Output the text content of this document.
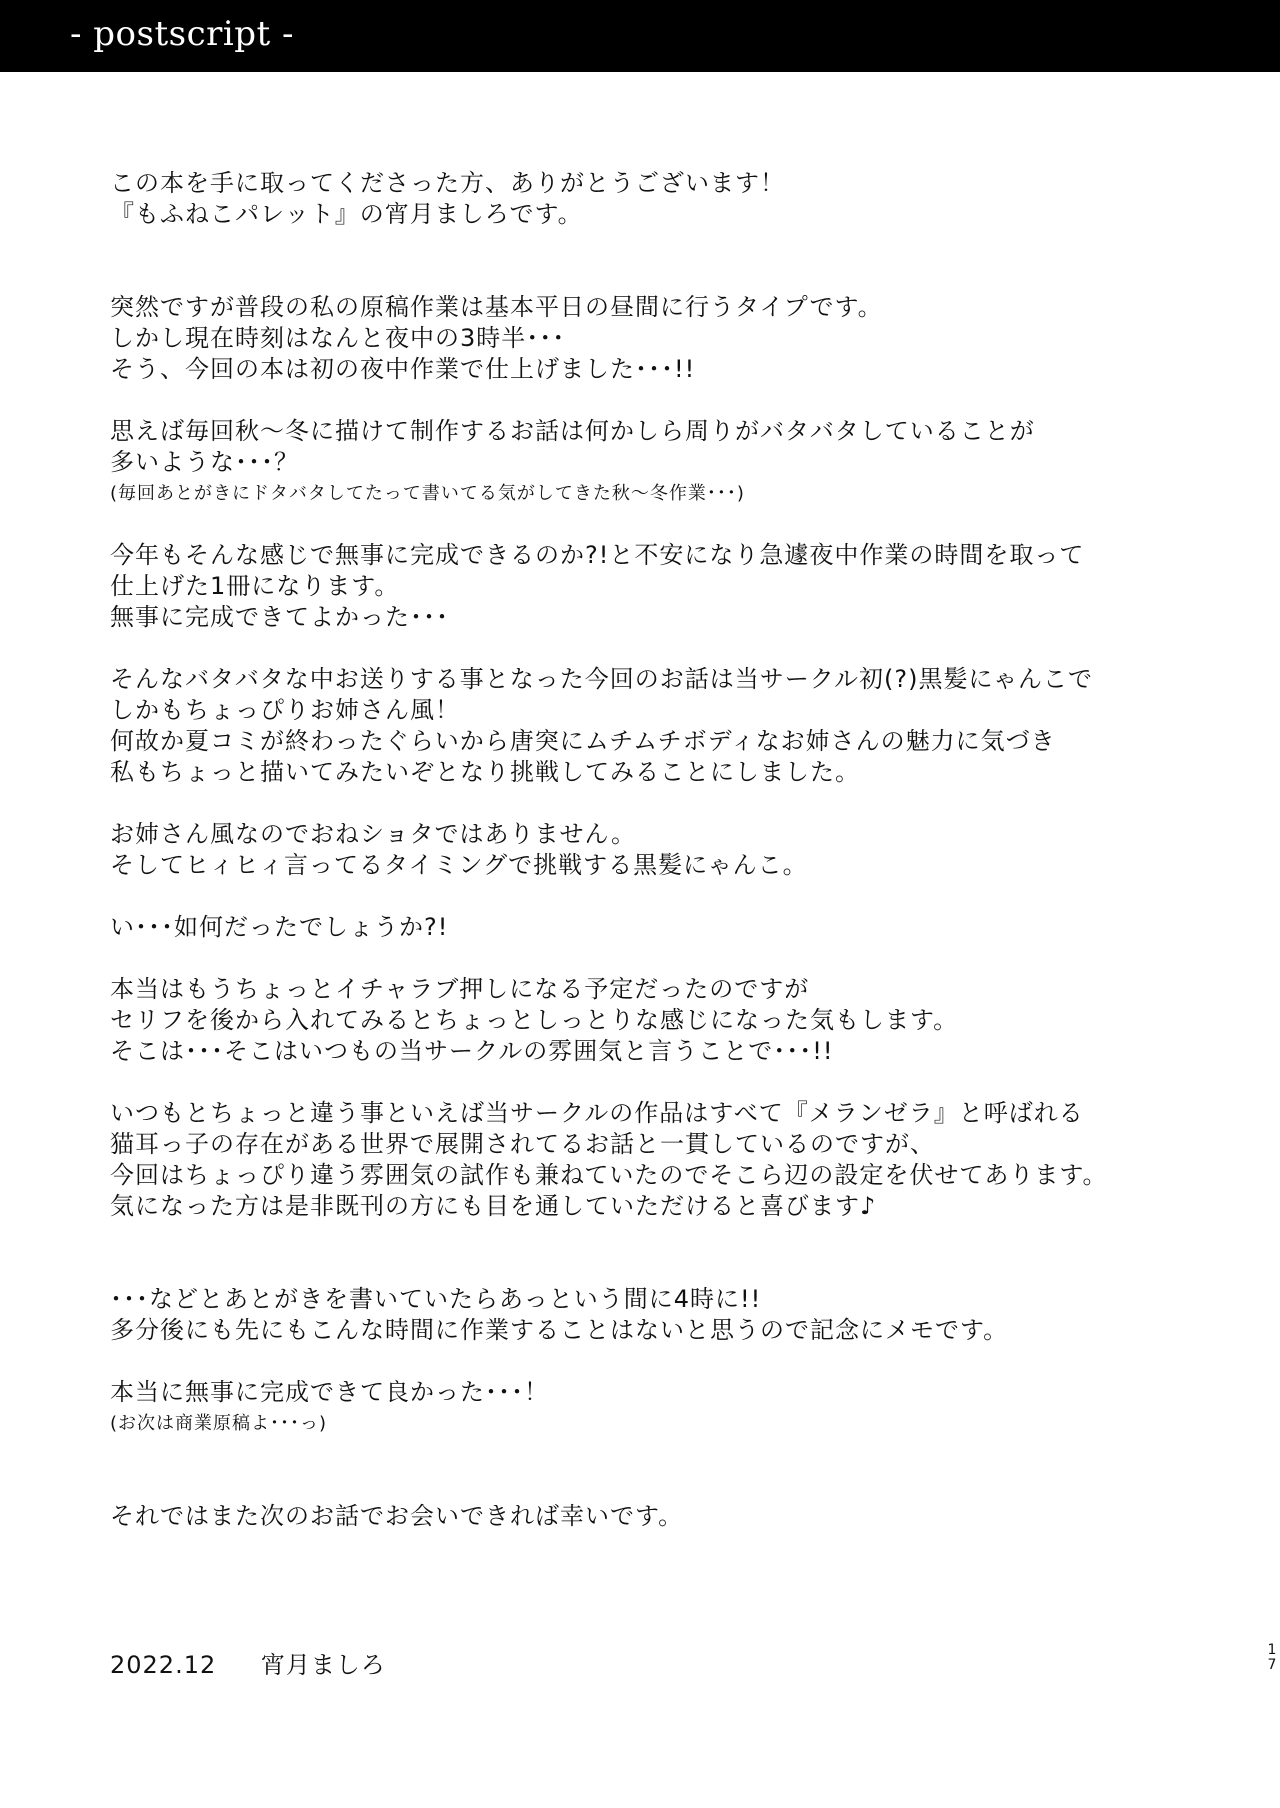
- postscript -
この本を手に取ってくださった方、ありがとうございます！
『もふねこパレット』の宵月ましろです。
突然ですが普段の私の原稿作業は基本平日の昼間に行うタイプです。
しかし現在時刻はなんと夜中の3時半･･･
そう、今回の本は初の夜中作業で仕上げました･･･!!
思えば毎回秋～冬に描けて制作するお話は何かしら周りがバタバタしていることが
多いような･･･？
(毎回あとがきにドタバタしてたって書いてる気がしてきた秋～冬作業･･･)
今年もそんな感じで無事に完成できるのか?!と不安になり急遽夜中作業の時間を取って
仕上げた1冊になります。
無事に完成できてよかった･･･
そんなバタバタな中お送りする事となった今回のお話は当サークル初(?)黒髪にゃんこで
しかもちょっぴりお姉さん風！
何故か夏コミが終わったぐらいから唐突にムチムチボディなお姉さんの魅力に気づき
私もちょっと描いてみたいぞとなり挑戦してみることにしました。
お姉さん風なのでおねショタではありません。
そしてヒィヒィ言ってるタイミングで挑戦する黒髪にゃんこ。
い･･･如何だったでしょうか?!
本当はもうちょっとイチャラブ押しになる予定だったのですが
セリフを後から入れてみるとちょっとしっとりな感じになった気もします。
そこは･･･そこはいつもの当サークルの雰囲気と言うことで･･･!!
いつもとちょっと違う事といえば当サークルの作品はすべて『メランゼラ』と呼ばれる
猫耳っ子の存在がある世界で展開されてるお話と一貫しているのですが、
今回はちょっぴり違う雰囲気の試作も兼ねていたのでそこら辺の設定を伏せてあります。
気になった方は是非既刊の方にも目を通していただけると喜びます♪
･･･などとあとがきを書いていたらあっという間に4時に!!
多分後にも先にもこんな時間に作業することはないと思うので記念にメモです。
本当に無事に完成できて良かった･･･！
(お次は商業原稿よ･･･っ)
それではまた次のお話でお会いできれば幸いです。
2022.12 宵月ましろ
17
